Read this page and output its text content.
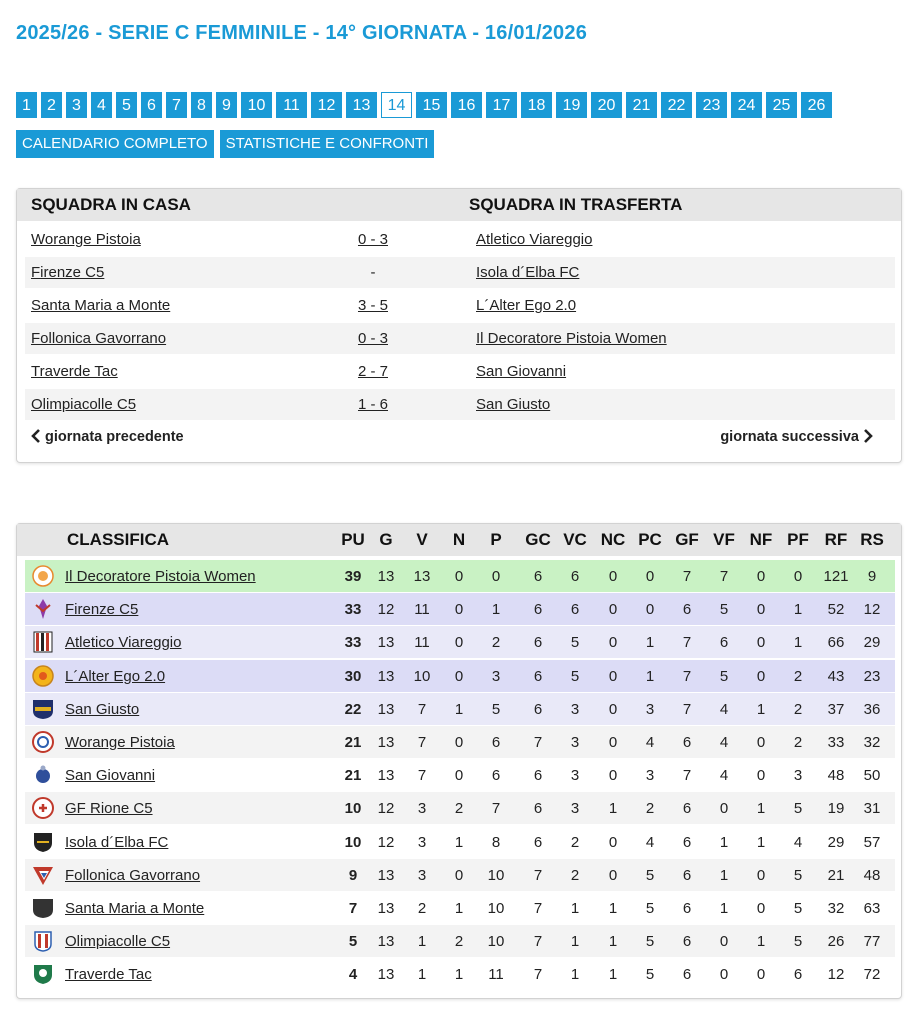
2025/26 - SERIE C FEMMINILE - 14° GIORNATA - 16/01/2026
1	2	3	4	5	6	7	8	9	10	11	12	13	14	15	16	17	18	19	20	21	22	23	24	25	26
CALENDARIO COMPLETO	STATISTICHE E CONFRONTI
SQUADRA IN CASA	SQUADRA IN TRASFERTA
Worange Pistoia	0 - 3	Atletico Viareggio
Firenze C5	-	Isola d´Elba FC
Santa Maria a Monte	3 - 5	L´Alter Ego 2.0
Follonica Gavorrano	0 - 3	Il Decoratore Pistoia Women
Traverde Tac	2 - 7	San Giovanni
Olimpiacolle C5	1 - 6	San Giusto
giornata precedente	giornata successiva
CLASSIFICA	PU G	V	N	P	GC VC NC PC GF VF NF PF RF RS
Il Decoratore Pistoia Women	39	13	13	0	0	6	6	0	0	7	7	0	0	121	9
Firenze C5	33	12	11	0	1	6	6	0	0	6	5	0	1	52	12
Atletico Viareggio	33	13	11	0	2	6	5	0	1	7	6	0	1	66	29
L´Alter Ego 2.0	30	13	10	0	3	6	5	0	1	7	5	0	2	43	23
San Giusto	22	13	7	1	5	6	3	0	3	7	4	1	2	37	36
Worange Pistoia	21	13	7	0	6	7	3	0	4	6	4	0	2	33	32
San Giovanni	21	13	7	0	6	6	3	0	3	7	4	0	3	48	50
GF Rione C5	10	12	3	2	7	6	3	1	2	6	0	1	5	19	31
Isola d´Elba FC	10	12	3	1	8	6	2	0	4	6	1	1	4	29	57
Follonica Gavorrano	9	13	3	0	10	7	2	0	5	6	1	0	5	21	48
Santa Maria a Monte	7	13	2	1	10	7	1	1	5	6	1	0	5	32	63
Olimpiacolle C5	5	13	1	2	10	7	1	1	5	6	0	1	5	26	77
Traverde Tac	4	13	1	1	11	7	1	1	5	6	0	0	6	12	72
